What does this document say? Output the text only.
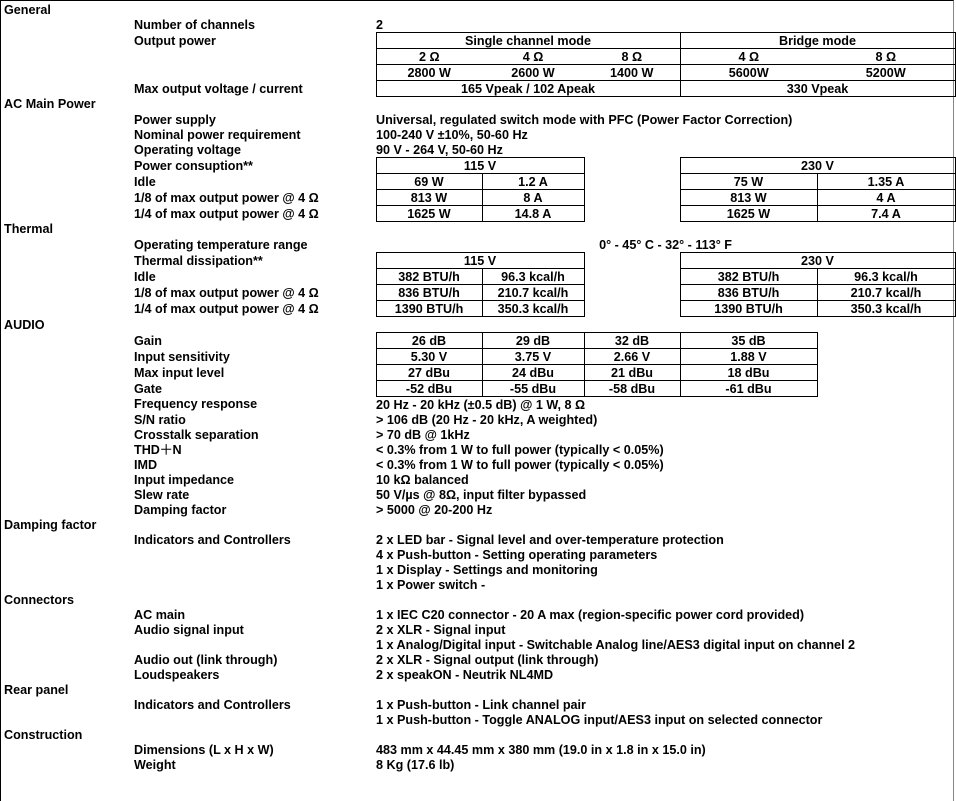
General					
Number of channels	2				
Output power	Single channel mode			Bridge mode	
	2 Ω	4 Ω	8 Ω	4 Ω	8 Ω
	2800 W	2600 W	1400 W	5600W	5200W
Max output voltage / current	165 Vpeak / 102 Apeak			330 Vpeak	
AC Main Power					
Power supply	Universal, regulated switch mode with PFC (Power Factor Correction)				
Nominal power requirement	100-240 V ±10%, 50-60 Hz				
Operating voltage	90 V - 264 V, 50-60 Hz				
Power consuption**	115 V			230 V	
Idle	69 W	1.2 A		75 W	1.35 A
1/8 of max output power @ 4 Ω	813 W	8 A		813 W	4 A
1/4 of max output power @ 4 Ω	1625 W	14.8 A		1625 W	7.4 A
Thermal					
Operating temperature range	0° - 45° C - 32° - 113° F				
Thermal dissipation**	115 V			230 V	
Idle	382 BTU/h	96.3 kcal/h		382 BTU/h	96.3 kcal/h
1/8 of max output power @ 4 Ω	836 BTU/h	210.7 kcal/h		836 BTU/h	210.7 kcal/h
1/4 of max output power @ 4 Ω	1390 BTU/h	350.3 kcal/h		1390 BTU/h	350.3 kcal/h
AUDIO					
Gain	26 dB	29 dB	32 dB	35 dB	
Input sensitivity	5.30 V	3.75 V	2.66 V	1.88 V	
Max input level	27 dBu	24 dBu	21 dBu	18 dBu	
Gate	-52 dBu	-55 dBu	-58 dBu	-61 dBu	
Frequency response	20 Hz - 20 kHz (±0.5 dB) @ 1 W, 8 Ω				
S/N ratio	> 106 dB (20 Hz - 20 kHz, A weighted)				
Crosstalk separation	> 70 dB @ 1kHz				
THD＋N	< 0.3% from 1 W to full power (typically < 0.05%)				
IMD	< 0.3% from 1 W to full power (typically < 0.05%)				
Input impedance	10 kΩ balanced				
Slew rate	50 V/µs @ 8Ω, input filter bypassed				
Damping factor	> 5000 @ 20-200 Hz				
Damping factor					
Indicators and Controllers	2 x LED bar - Signal level and over-temperature protection				
	4 x Push-button - Setting operating parameters				
	1 x Display - Settings and monitoring				
	1 x Power switch -				
Connectors					
AC main	1 x IEC C20 connector - 20 A max (region-specific power cord provided)				
Audio signal input	2 x XLR - Signal input				
	1 x Analog/Digital input - Switchable Analog line/AES3 digital input on channel 2				
Audio out (link through)	2 x XLR - Signal output (link through)				
Loudspeakers	2 x speakON - Neutrik NL4MD				
Rear panel					
Indicators and Controllers	1 x Push-button - Link channel pair				
	1 x Push-button - Toggle ANALOG input/AES3 input on selected connector				
Construction					
Dimensions (L x H x W)	483 mm x 44.45 mm x 380 mm (19.0 in x 1.8 in x 15.0 in)				
Weight	8 Kg (17.6 lb)				
